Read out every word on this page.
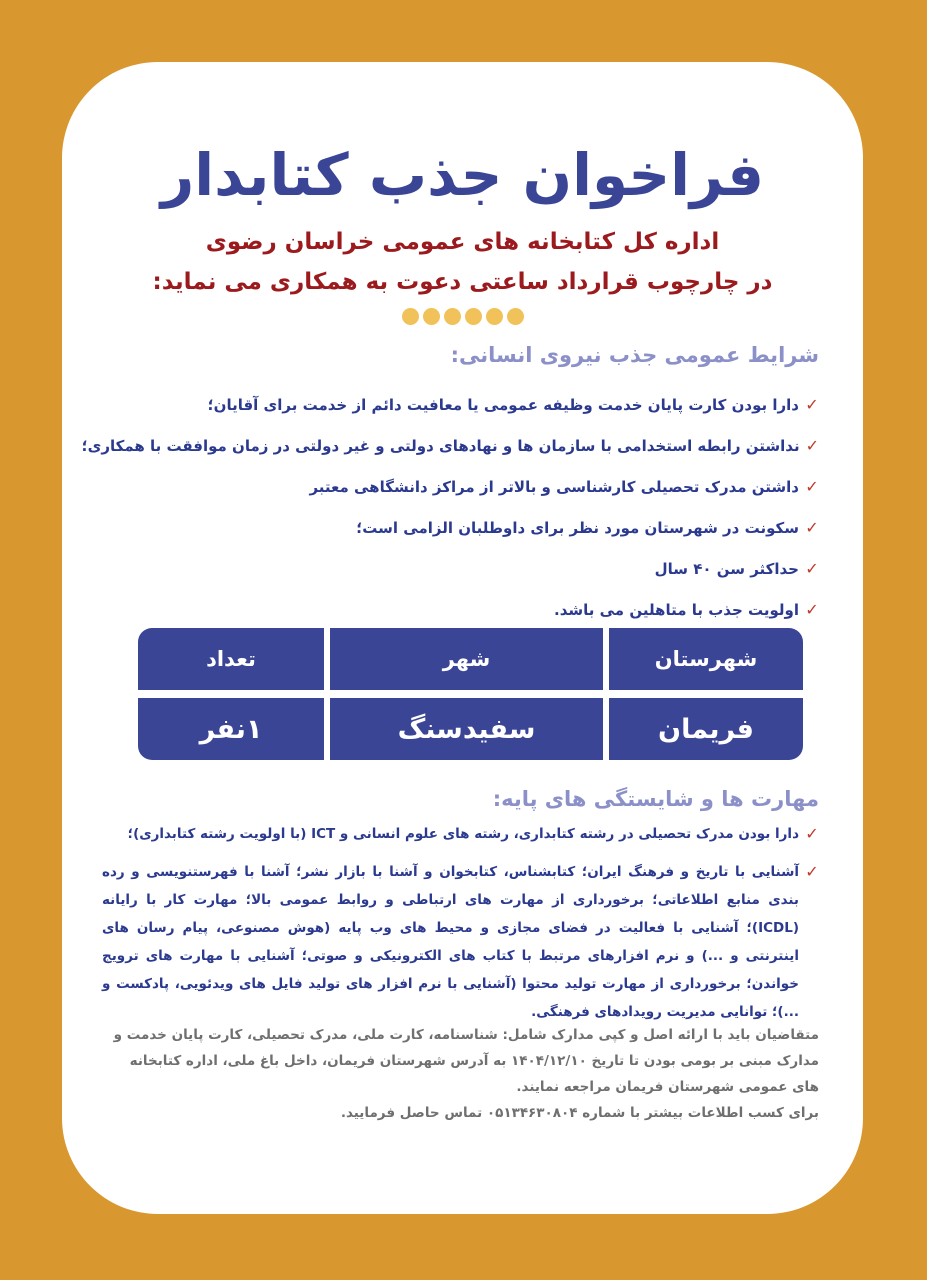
فراخوان جذب کتابدار
اداره کل کتابخانه های عمومی خراسان رضوی
در چارچوب قرارداد ساعتی دعوت به همکاری می نماید:
شرایط عمومی جذب نیروی انسانی:
✓
دارا بودن کارت پایان خدمت وظیفه عمومی یا معافیت دائم از خدمت برای آقایان؛
✓
نداشتن رابطه استخدامی با سازمان ها و نهادهای دولتی و غیر دولتی در زمان موافقت با همکاری؛
✓
داشتن مدرک تحصیلی کارشناسی و بالاتر از مراکز دانشگاهی معتبر
✓
سکونت در شهرستان مورد نظر برای داوطلبان الزامی است؛
✓
حداکثر سن ۴۰ سال
✓
اولویت جذب با متاهلین می باشد.
شهرستان
شهر
تعداد
فریمان
سفیدسنگ
۱نفر
مهارت ها و شایستگی های پایه:
✓
دارا بودن مدرک تحصیلی در رشته کتابداری، رشته های علوم انسانی و ICT (با اولویت رشته کتابداری)؛
✓
آشنایی با تاریخ و فرهنگ ایران؛ کتابشناس، کتابخوان و آشنا با بازار نشر؛ آشنا با فهرستنویسی و رده بندی منابع اطلاعاتی؛ برخورداری از مهارت های ارتباطی و روابط عمومی بالا؛ مهارت کار با رایانه (ICDL)؛ آشنایی با فعالیت در فضای مجازی و محیط های وب پایه (هوش مصنوعی، پیام رسان های اینترنتی و ...) و نرم افزارهای مرتبط با کتاب های الکترونیکی و صوتی؛ آشنایی با مهارت های ترویج خواندن؛ برخورداری از مهارت تولید محتوا (آشنایی با نرم افزار های تولید فایل های ویدئویی، پادکست و ...)؛ توانایی مدیریت رویدادهای فرهنگی.

متقاضیان باید با ارائه اصل و کپی مدارک شامل: شناسنامه، کارت ملی، مدرک تحصیلی، کارت پایان خدمت و مدارک مبنی بر بومی بودن تا تاریخ ۱۴۰۴/۱۲/۱۰ به آدرس شهرستان فریمان، داخل باغ ملی، اداره کتابخانه های عمومی شهرستان فریمان مراجعه نمایند.

برای کسب اطلاعات بیشتر با شماره ۰۵۱۳۴۶۳۰۸۰۴ تماس حاصل فرمایید.
